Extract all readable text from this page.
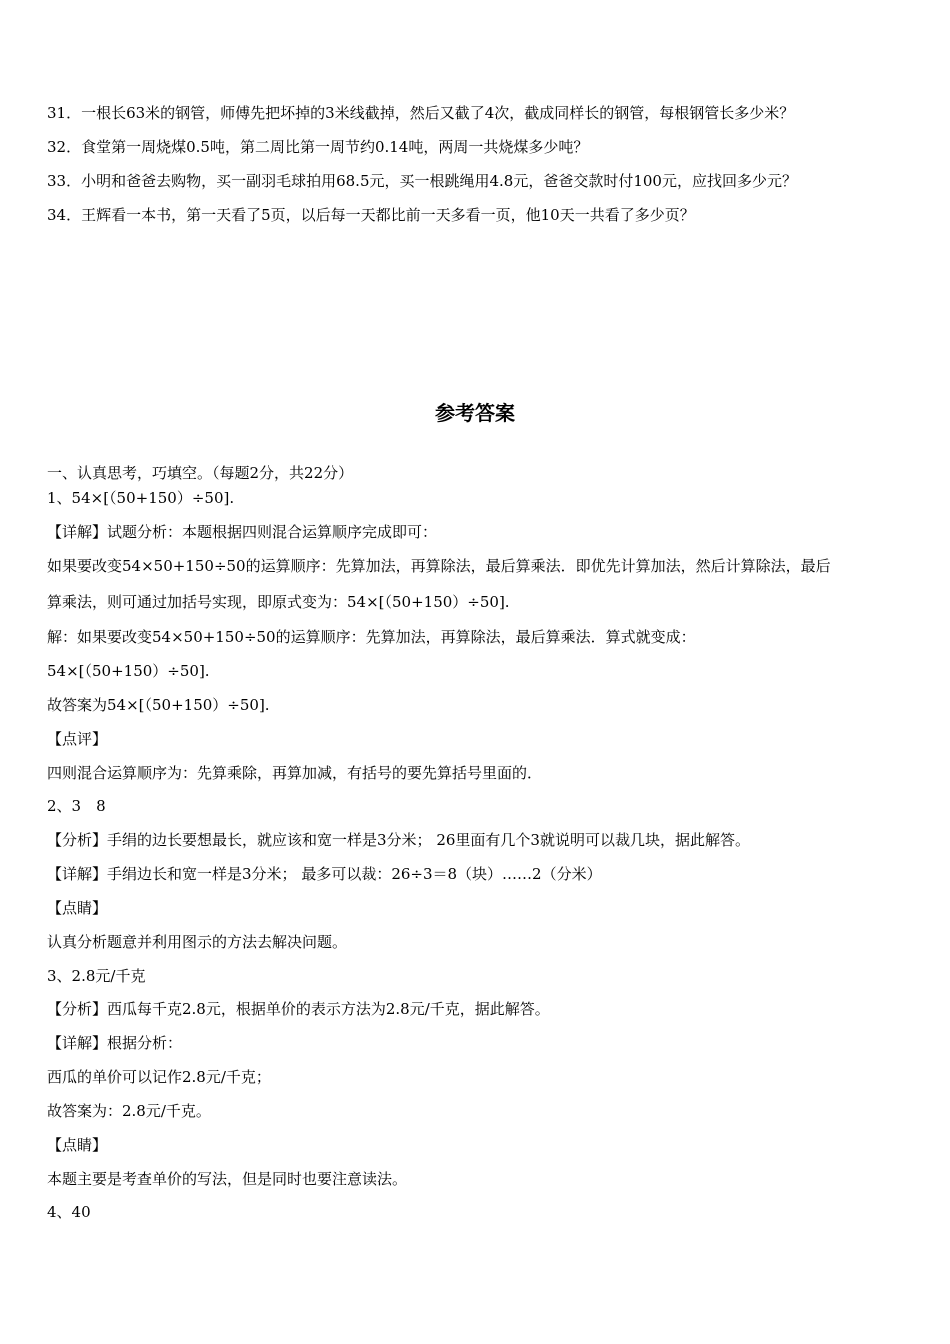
31．一根长63米的钢管，师傅先把坏掉的3米线截掉，然后又截了4次，截成同样长的钢管，每根钢管长多少米？
32．食堂第一周烧煤0.5吨，第二周比第一周节约0.14吨，两周一共烧煤多少吨？
33．小明和爸爸去购物，买一副羽毛球拍用68.5元，买一根跳绳用4.8元，爸爸交款时付100元，应找回多少元？
34．王辉看一本书，第一天看了5页，以后每一天都比前一天多看一页，他10天一共看了多少页？
参考答案
一、认真思考，巧填空。（每题2分，共22分）
1、54×[（50+150）÷50].
【详解】试题分析：本题根据四则混合运算顺序完成即可：
如果要改变54×50+150÷50的运算顺序：先算加法，再算除法，最后算乘法．即优先计算加法，然后计算除法，最后
算乘法，则可通过加括号实现，即原式变为：54×[（50+150）÷50].
解：如果要改变54×50+150÷50的运算顺序：先算加法，再算除法，最后算乘法．算式就变成：
54×[（50+150）÷50].
故答案为54×[（50+150）÷50].
【点评】
四则混合运算顺序为：先算乘除，再算加减，有括号的要先算括号里面的．
2、3　8
【分析】手绢的边长要想最长，就应该和宽一样是3分米； 26里面有几个3就说明可以裁几块，据此解答。
【详解】手绢边长和宽一样是3分米； 最多可以裁：26÷3＝8（块）……2（分米）
【点睛】
认真分析题意并利用图示的方法去解决问题。
3、2.8元/千克
【分析】西瓜每千克2.8元，根据单价的表示方法为2.8元/千克，据此解答。
【详解】根据分析：
西瓜的单价可以记作2.8元/千克；
故答案为：2.8元/千克。
【点睛】
本题主要是考查单价的写法，但是同时也要注意读法。
4、40
